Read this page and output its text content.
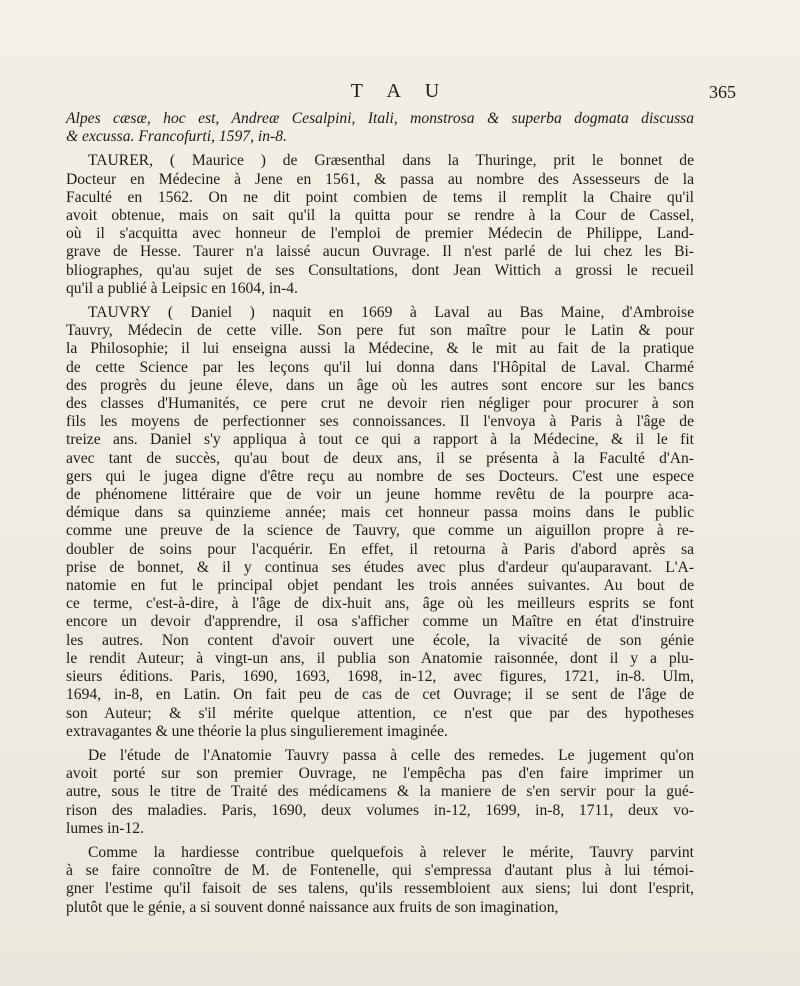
T A U	365
Alpes cæsæ, hoc est, Andreæ Cesalpini, Itali, monstrosa & superba dogmata discussa
& excussa. Francofurti, 1597, in-8.
TAURER, ( Maurice ) de Græsenthal dans la Thuringe, prit le bonnet de
Docteur en Médecine à Jene en 1561, & passa au nombre des Assesseurs de la
Faculté en 1562. On ne dit point combien de tems il remplit la Chaire qu'il
avoit obtenue, mais on sait qu'il la quitta pour se rendre à la Cour de Cassel,
où il s'acquitta avec honneur de l'emploi de premier Médecin de Philippe, Land-
grave de Hesse. Taurer n'a laissé aucun Ouvrage. Il n'est parlé de lui chez les Bi-
bliographes, qu'au sujet de ses Consultations, dont Jean Wittich a grossi le recueil
qu'il a publié à Leipsic en 1604, in-4.
TAUVRY ( Daniel ) naquit en 1669 à Laval au Bas Maine, d'Ambroise
Tauvry, Médecin de cette ville. Son pere fut son maître pour le Latin & pour
la Philosophie; il lui enseigna aussi la Médecine, & le mit au fait de la pratique
de cette Science par les leçons qu'il lui donna dans l'Hôpital de Laval. Charmé
des progrès du jeune éleve, dans un âge où les autres sont encore sur les bancs
des classes d'Humanités, ce pere crut ne devoir rien négliger pour procurer à son
fils les moyens de perfectionner ses connoissances. Il l'envoya à Paris à l'âge de
treize ans. Daniel s'y appliqua à tout ce qui a rapport à la Médecine, & il le fit
avec tant de succès, qu'au bout de deux ans, il se présenta à la Faculté d'An-
gers qui le jugea digne d'être reçu au nombre de ses Docteurs. C'est une espece
de phénomene littéraire que de voir un jeune homme revêtu de la pourpre aca-
démique dans sa quinzieme année; mais cet honneur passa moins dans le public
comme une preuve de la science de Tauvry, que comme un aiguillon propre à re-
doubler de soins pour l'acquérir. En effet, il retourna à Paris d'abord après sa
prise de bonnet, & il y continua ses études avec plus d'ardeur qu'auparavant. L'A-
natomie en fut le principal objet pendant les trois années suivantes. Au bout de
ce terme, c'est-à-dire, à l'âge de dix-huit ans, âge où les meilleurs esprits se font
encore un devoir d'apprendre, il osa s'afficher comme un Maître en état d'instruire
les autres. Non content d'avoir ouvert une école, la vivacité de son génie
le rendit Auteur; à vingt-un ans, il publia son Anatomie raisonnée, dont il y a plu-
sieurs éditions. Paris, 1690, 1693, 1698, in-12, avec figures, 1721, in-8. Ulm,
1694, in-8, en Latin. On fait peu de cas de cet Ouvrage; il se sent de l'âge de
son Auteur; & s'il mérite quelque attention, ce n'est que par des hypotheses
extravagantes & une théorie la plus singulierement imaginée.
De l'étude de l'Anatomie Tauvry passa à celle des remedes. Le jugement qu'on
avoit porté sur son premier Ouvrage, ne l'empêcha pas d'en faire imprimer un
autre, sous le titre de Traité des médicamens & la maniere de s'en servir pour la gué-
rison des maladies. Paris, 1690, deux volumes in-12, 1699, in-8, 1711, deux vo-
lumes in-12.
Comme la hardiesse contribue quelquefois à relever le mérite, Tauvry parvint
à se faire connoître de M. de Fontenelle, qui s'empressa d'autant plus à lui témoi-
gner l'estime qu'il faisoit de ses talens, qu'ils ressembloient aux siens; lui dont l'esprit,
plutôt que le génie, a si souvent donné naissance aux fruits de son imagination,
